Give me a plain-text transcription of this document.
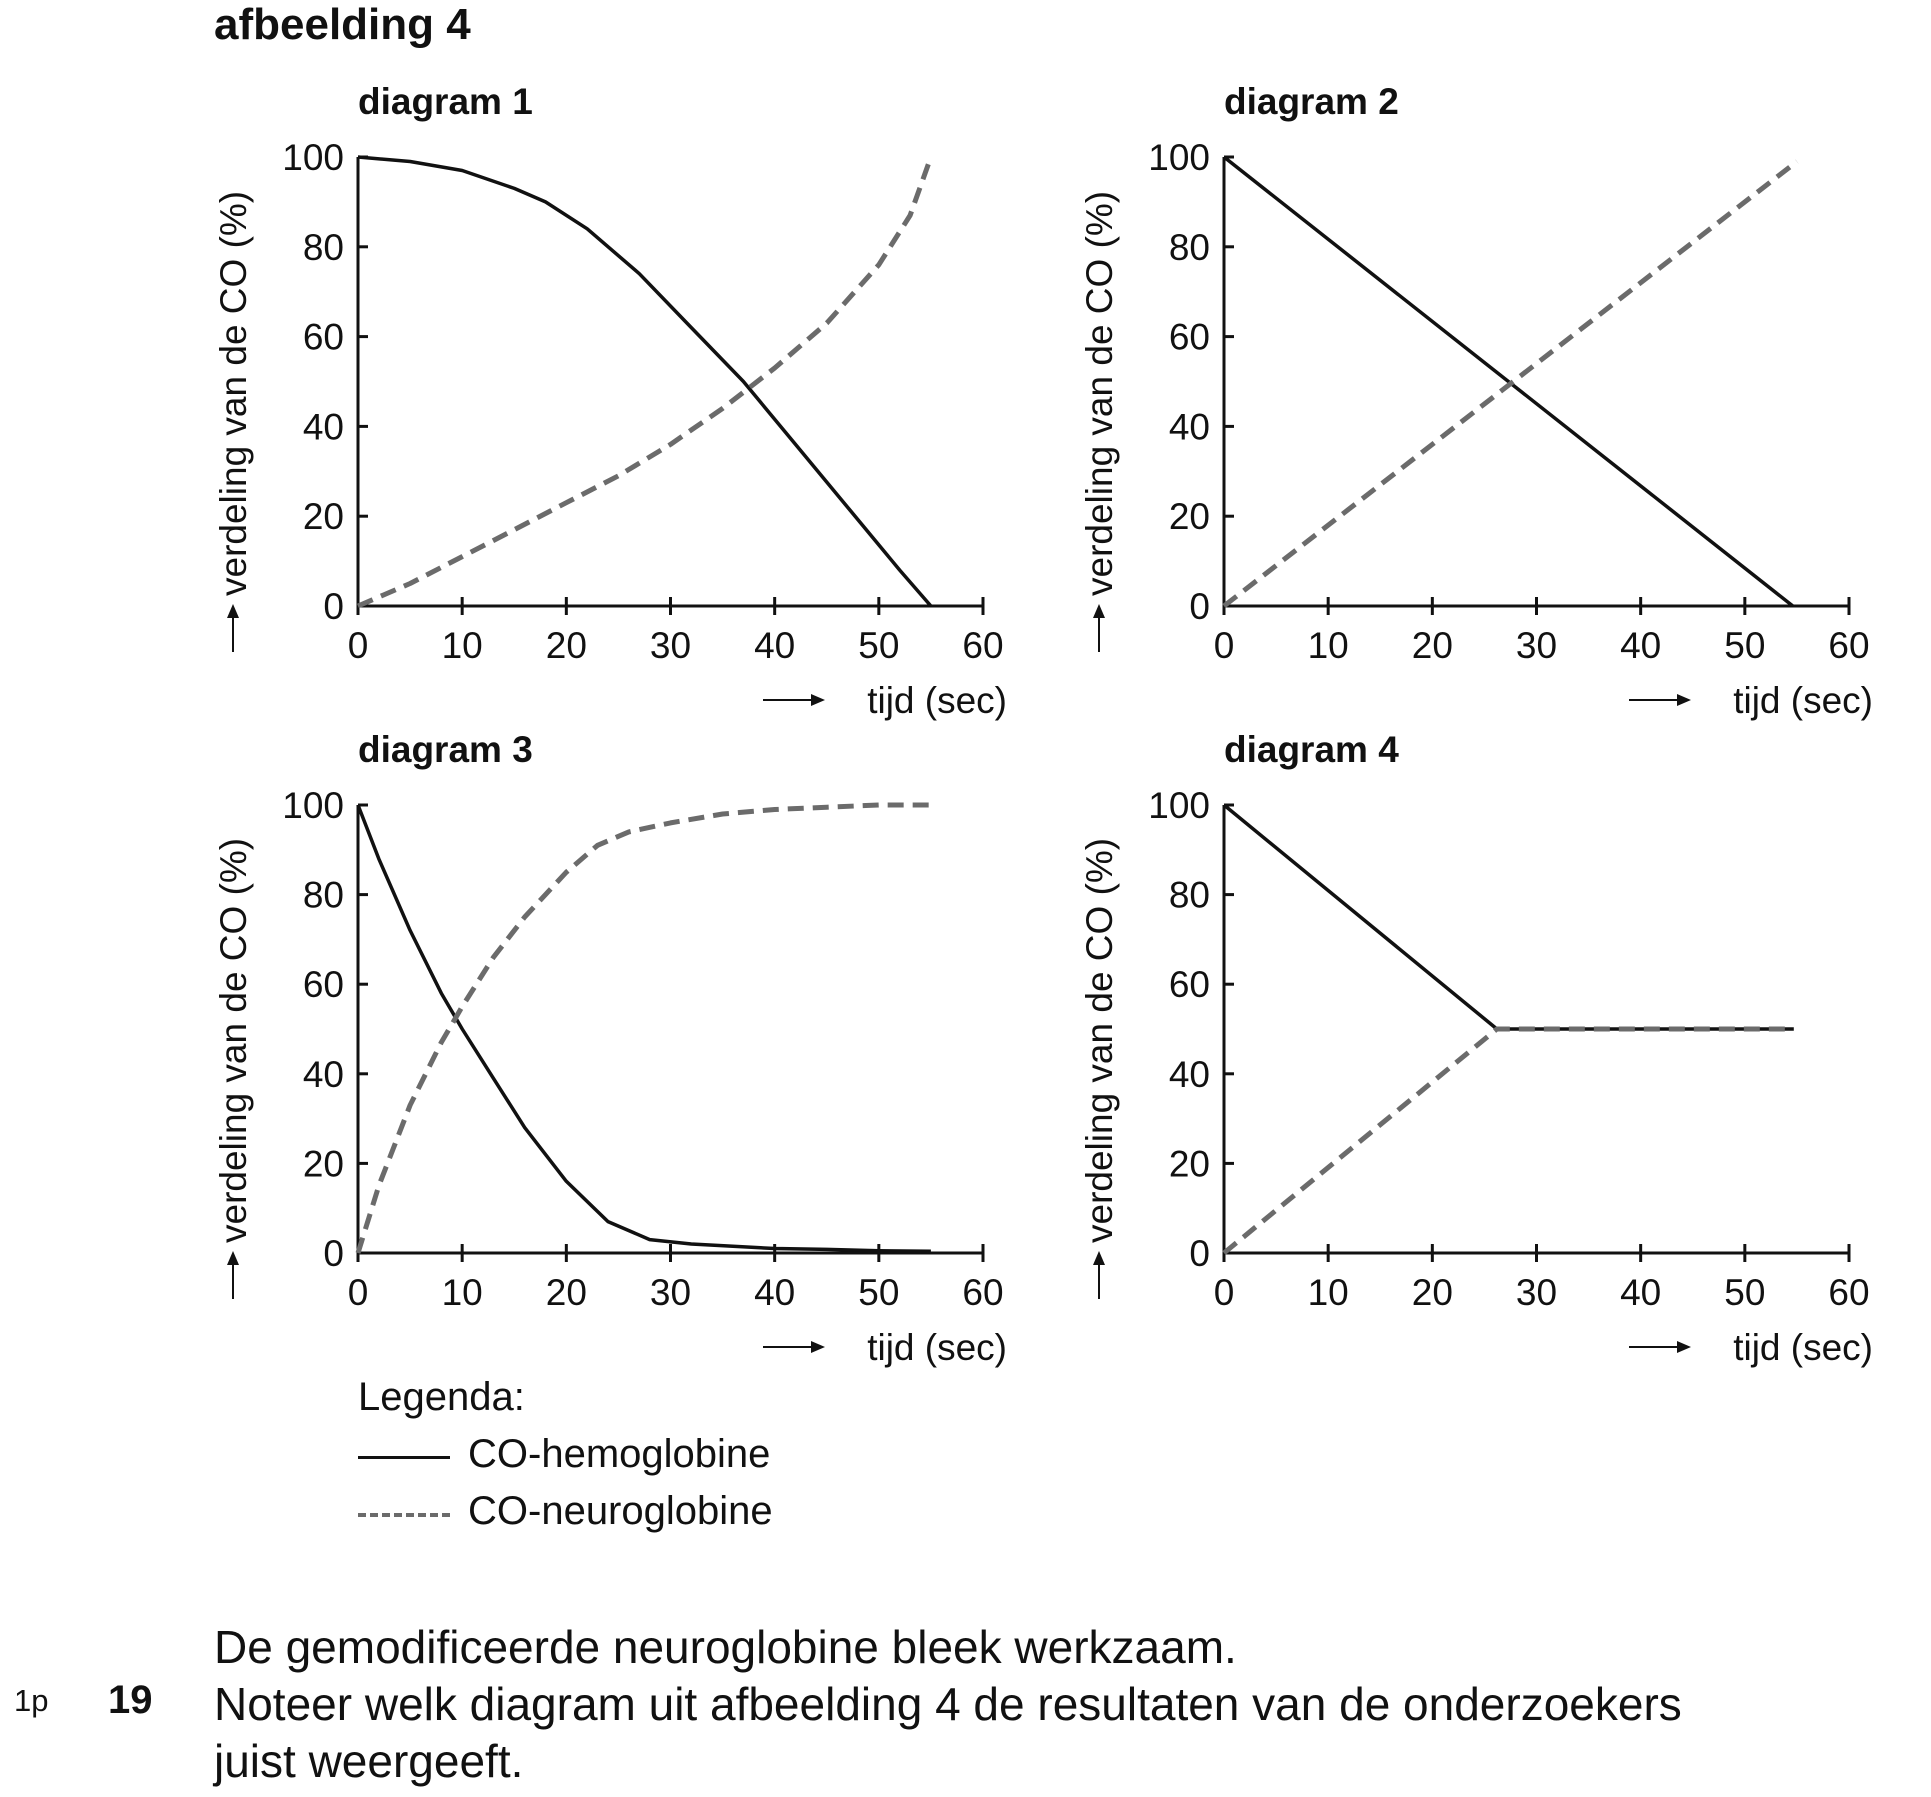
afbeelding 4
diagram 1
0 10 20 30 40 50 60
0
20
40
60
80
100
tijd (sec)
verdeling van de CO (%)
diagram 2
0 10 20 30 40 50 60
0
20
40
60
80
100
tijd (sec)
verdeling van de CO (%)
diagram 3
0 10 20 30 40 50 60
0
20
40
60
80
100
tijd (sec)
verdeling van de CO (%)
diagram 4
0 10 20 30 40 50 60
0
20
40
60
80
100
tijd (sec)
verdeling van de CO (%)
Legenda:
CO-hemoglobine
CO-neuroglobine
De gemodificeerde neuroglobine bleek werkzaam.
1p 19 Noteer welk diagram uit afbeelding 4 de resultaten van de onderzoekers
juist weergeeft.
